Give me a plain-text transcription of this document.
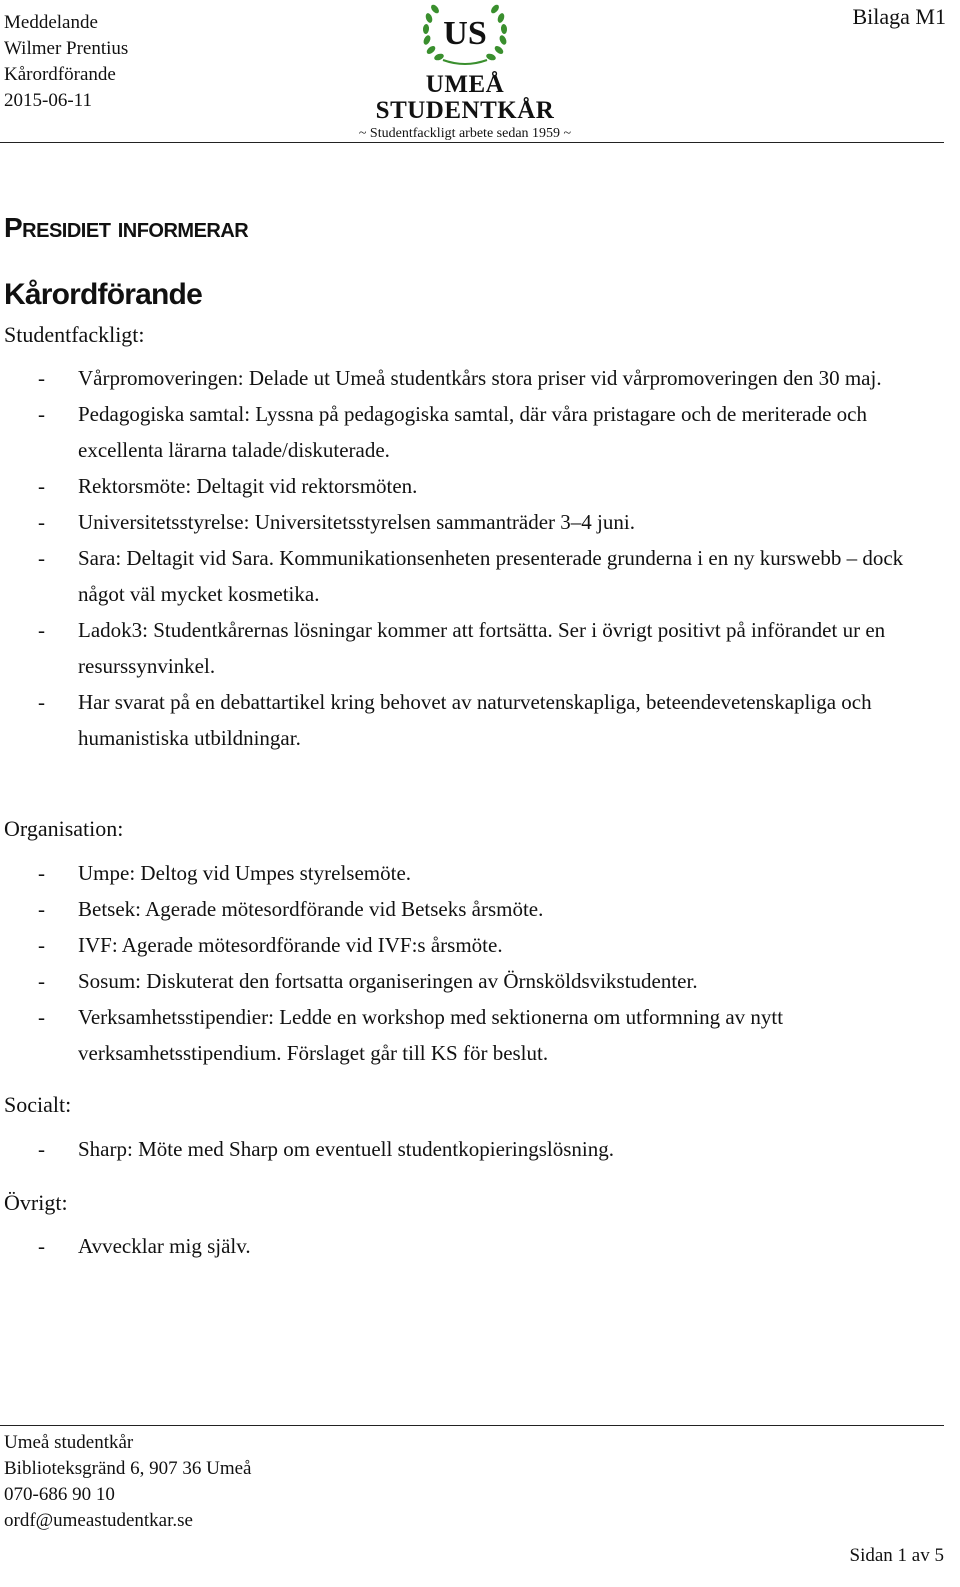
Meddelande
Wilmer Prentius
Kårordförande
2015-06-11
US
UMEÅ STUDENTKÅR
~ Studentfackligt arbete sedan 1959 ~
Bilaga M1
Presidiet informerar
Kårordförande
Studentfackligt:
- Vårpromoveringen: Delade ut Umeå studentkårs stora priser vid vårpromoveringen den 30 maj.
- Pedagogiska samtal: Lyssna på pedagogiska samtal, där våra pristagare och de meriterade och excellenta lärarna talade/diskuterade.
- Rektorsmöte: Deltagit vid rektorsmöten.
- Universitetsstyrelse: Universitetsstyrelsen sammanträder 3–4 juni.
- Sara: Deltagit vid Sara. Kommunikationsenheten presenterade grunderna i en ny kurswebb – dock något väl mycket kosmetika.
- Ladok3: Studentkårernas lösningar kommer att fortsätta. Ser i övrigt positivt på införandet ur en resurssynvinkel.
- Har svarat på en debattartikel kring behovet av naturvetenskapliga, beteendevetenskapliga och humanistiska utbildningar.
Organisation:
- Umpe: Deltog vid Umpes styrelsemöte.
- Betsek: Agerade mötesordförande vid Betseks årsmöte.
- IVF: Agerade mötesordförande vid IVF:s årsmöte.
- Sosum: Diskuterat den fortsatta organiseringen av Örnsköldsvikstudenter.
- Verksamhetsstipendier: Ledde en workshop med sektionerna om utformning av nytt verksamhetsstipendium. Förslaget går till KS för beslut.
Socialt:
- Sharp: Möte med Sharp om eventuell studentkopieringslösning.
Övrigt:
- Avvecklar mig själv.
Umeå studentkår
Biblioteksgränd 6, 907 36 Umeå
070-686 90 10
ordf@umeastudentkar.se
Sidan 1 av 5
